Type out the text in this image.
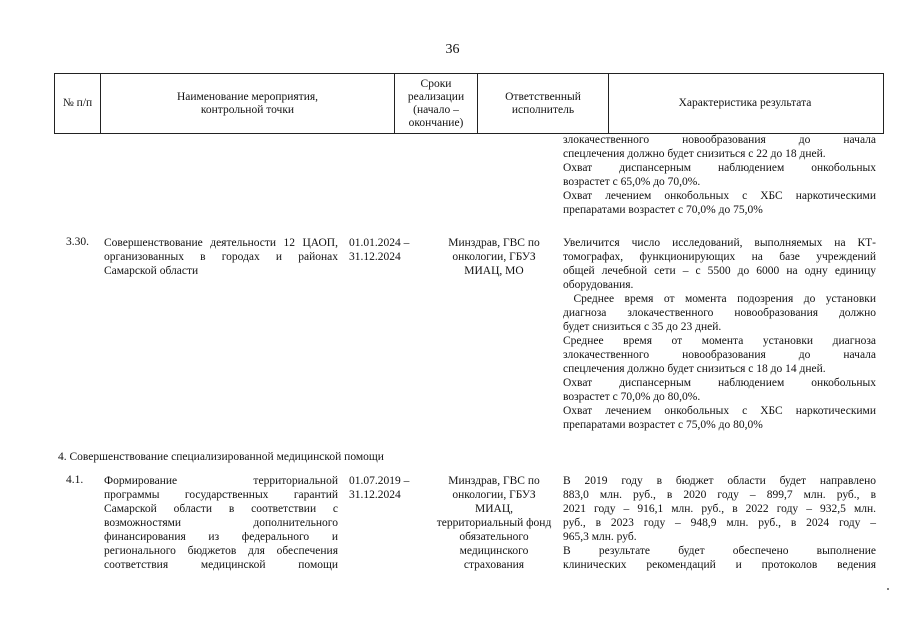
36
№ п/п
Наименование мероприятия,
контрольной точки
Сроки
реализации
(начало –
окончание)
Ответственный
исполнитель
Характеристика результата
злокачественного новообразования до начала
спецлечения должно будет снизиться с 22 до 18 дней.
Охват диспансерным наблюдением онкобольных
возрастет с 65,0% до 70,0%.
Охват лечением онкобольных с ХБС наркотическими
препаратами возрастет с 70,0% до 75,0%
3.30. Совершенствование деятельности 12 ЦАОП, организованных в городах и районах Самарской области
01.01.2024 –
31.12.2024
Минздрав, ГВС по онкологии, ГБУЗ МИАЦ, МО
Увеличится число исследований, выполняемых на КТ-
томографах, функционирующих на базе учреждений
общей лечебной сети – с 5500 до 6000 на одну единицу
оборудования.
Среднее время от момента подозрения до установки
диагноза злокачественного новообразования должно
будет снизиться с 35 до 23 дней.
Среднее время от момента установки диагноза
злокачественного новообразования до начала
спецлечения должно будет снизиться с 18 до 14 дней.
Охват диспансерным наблюдением онкобольных
возрастет с 70,0% до 80,0%.
Охват лечением онкобольных с ХБС наркотическими
препаратами возрастет с 75,0% до 80,0%
4. Совершенствование специализированной медицинской помощи
4.1. Формирование территориальной
программы государственных гарантий
Самарской области в соответствии с
возможностями дополнительного
финансирования из федерального и
регионального бюджетов для обеспечения
соответствия медицинской помощи
01.07.2019 –
31.12.2024
Минздрав, ГВС по онкологии, ГБУЗ МИАЦ, территориальный фонд обязательного медицинского страхования
В 2019 году в бюджет области будет направлено
883,0 млн. руб., в 2020 году – 899,7 млн. руб., в
2021 году – 916,1 млн. руб., в 2022 году – 932,5 млн.
руб., в 2023 году – 948,9 млн. руб., в 2024 году –
965,3 млн. руб.
В результате будет обеспечено выполнение
клинических рекомендаций и протоколов ведения
